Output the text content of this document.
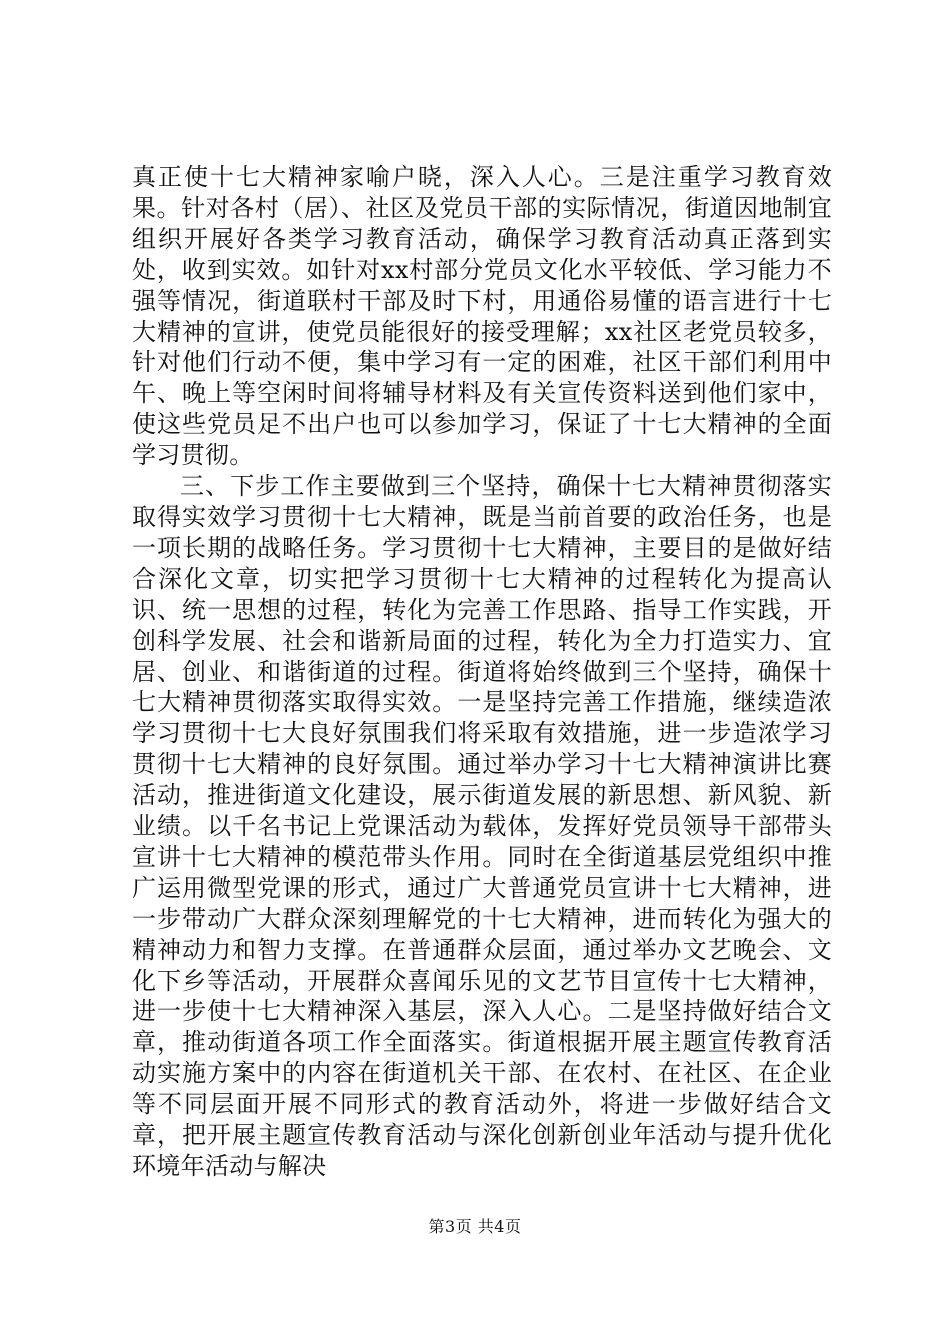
真正使十七大精神家喻户晓，深入人心。三是注重学习教育效果。针对各村（居）、社区及党员干部的实际情况，街道因地制宜组织开展好各类学习教育活动，确保学习教育活动真正落到实处，收到实效。如针对xx村部分党员文化水平较低、学习能力不强等情况，街道联村干部及时下村，用通俗易懂的语言进行十七大精神的宣讲，使党员能很好的接受理解；xx社区老党员较多，针对他们行动不便，集中学习有一定的困难，社区干部们利用中午、晚上等空闲时间将辅导材料及有关宣传资料送到他们家中，使这些党员足不出户也可以参加学习，保证了十七大精神的全面学习贯彻。

三、下步工作主要做到三个坚持，确保十七大精神贯彻落实取得实效学习贯彻十七大精神，既是当前首要的政治任务，也是一项长期的战略任务。学习贯彻十七大精神，主要目的是做好结合深化文章，切实把学习贯彻十七大精神的过程转化为提高认识、统一思想的过程，转化为完善工作思路、指导工作实践，开创科学发展、社会和谐新局面的过程，转化为全力打造实力、宜居、创业、和谐街道的过程。街道将始终做到三个坚持，确保十七大精神贯彻落实取得实效。一是坚持完善工作措施，继续造浓学习贯彻十七大良好氛围我们将采取有效措施，进一步造浓学习贯彻十七大精神的良好氛围。通过举办学习十七大精神演讲比赛活动，推进街道文化建设，展示街道发展的新思想、新风貌、新业绩。以千名书记上党课活动为载体，发挥好党员领导干部带头宣讲十七大精神的模范带头作用。同时在全街道基层党组织中推广运用微型党课的形式，通过广大普通党员宣讲十七大精神，进一步带动广大群众深刻理解党的十七大精神，进而转化为强大的精神动力和智力支撑。在普通群众层面，通过举办文艺晚会、文化下乡等活动，开展群众喜闻乐见的文艺节目宣传十七大精神，进一步使十七大精神深入基层，深入人心。二是坚持做好结合文章，推动街道各项工作全面落实。街道根据开展主题宣传教育活动实施方案中的内容在街道机关干部、在农村、在社区、在企业等不同层面开展不同形式的教育活动外，将进一步做好结合文章，把开展主题宣传教育活动与深化创新创业年活动与提升优化环境年活动与解决

第3页 共4页
